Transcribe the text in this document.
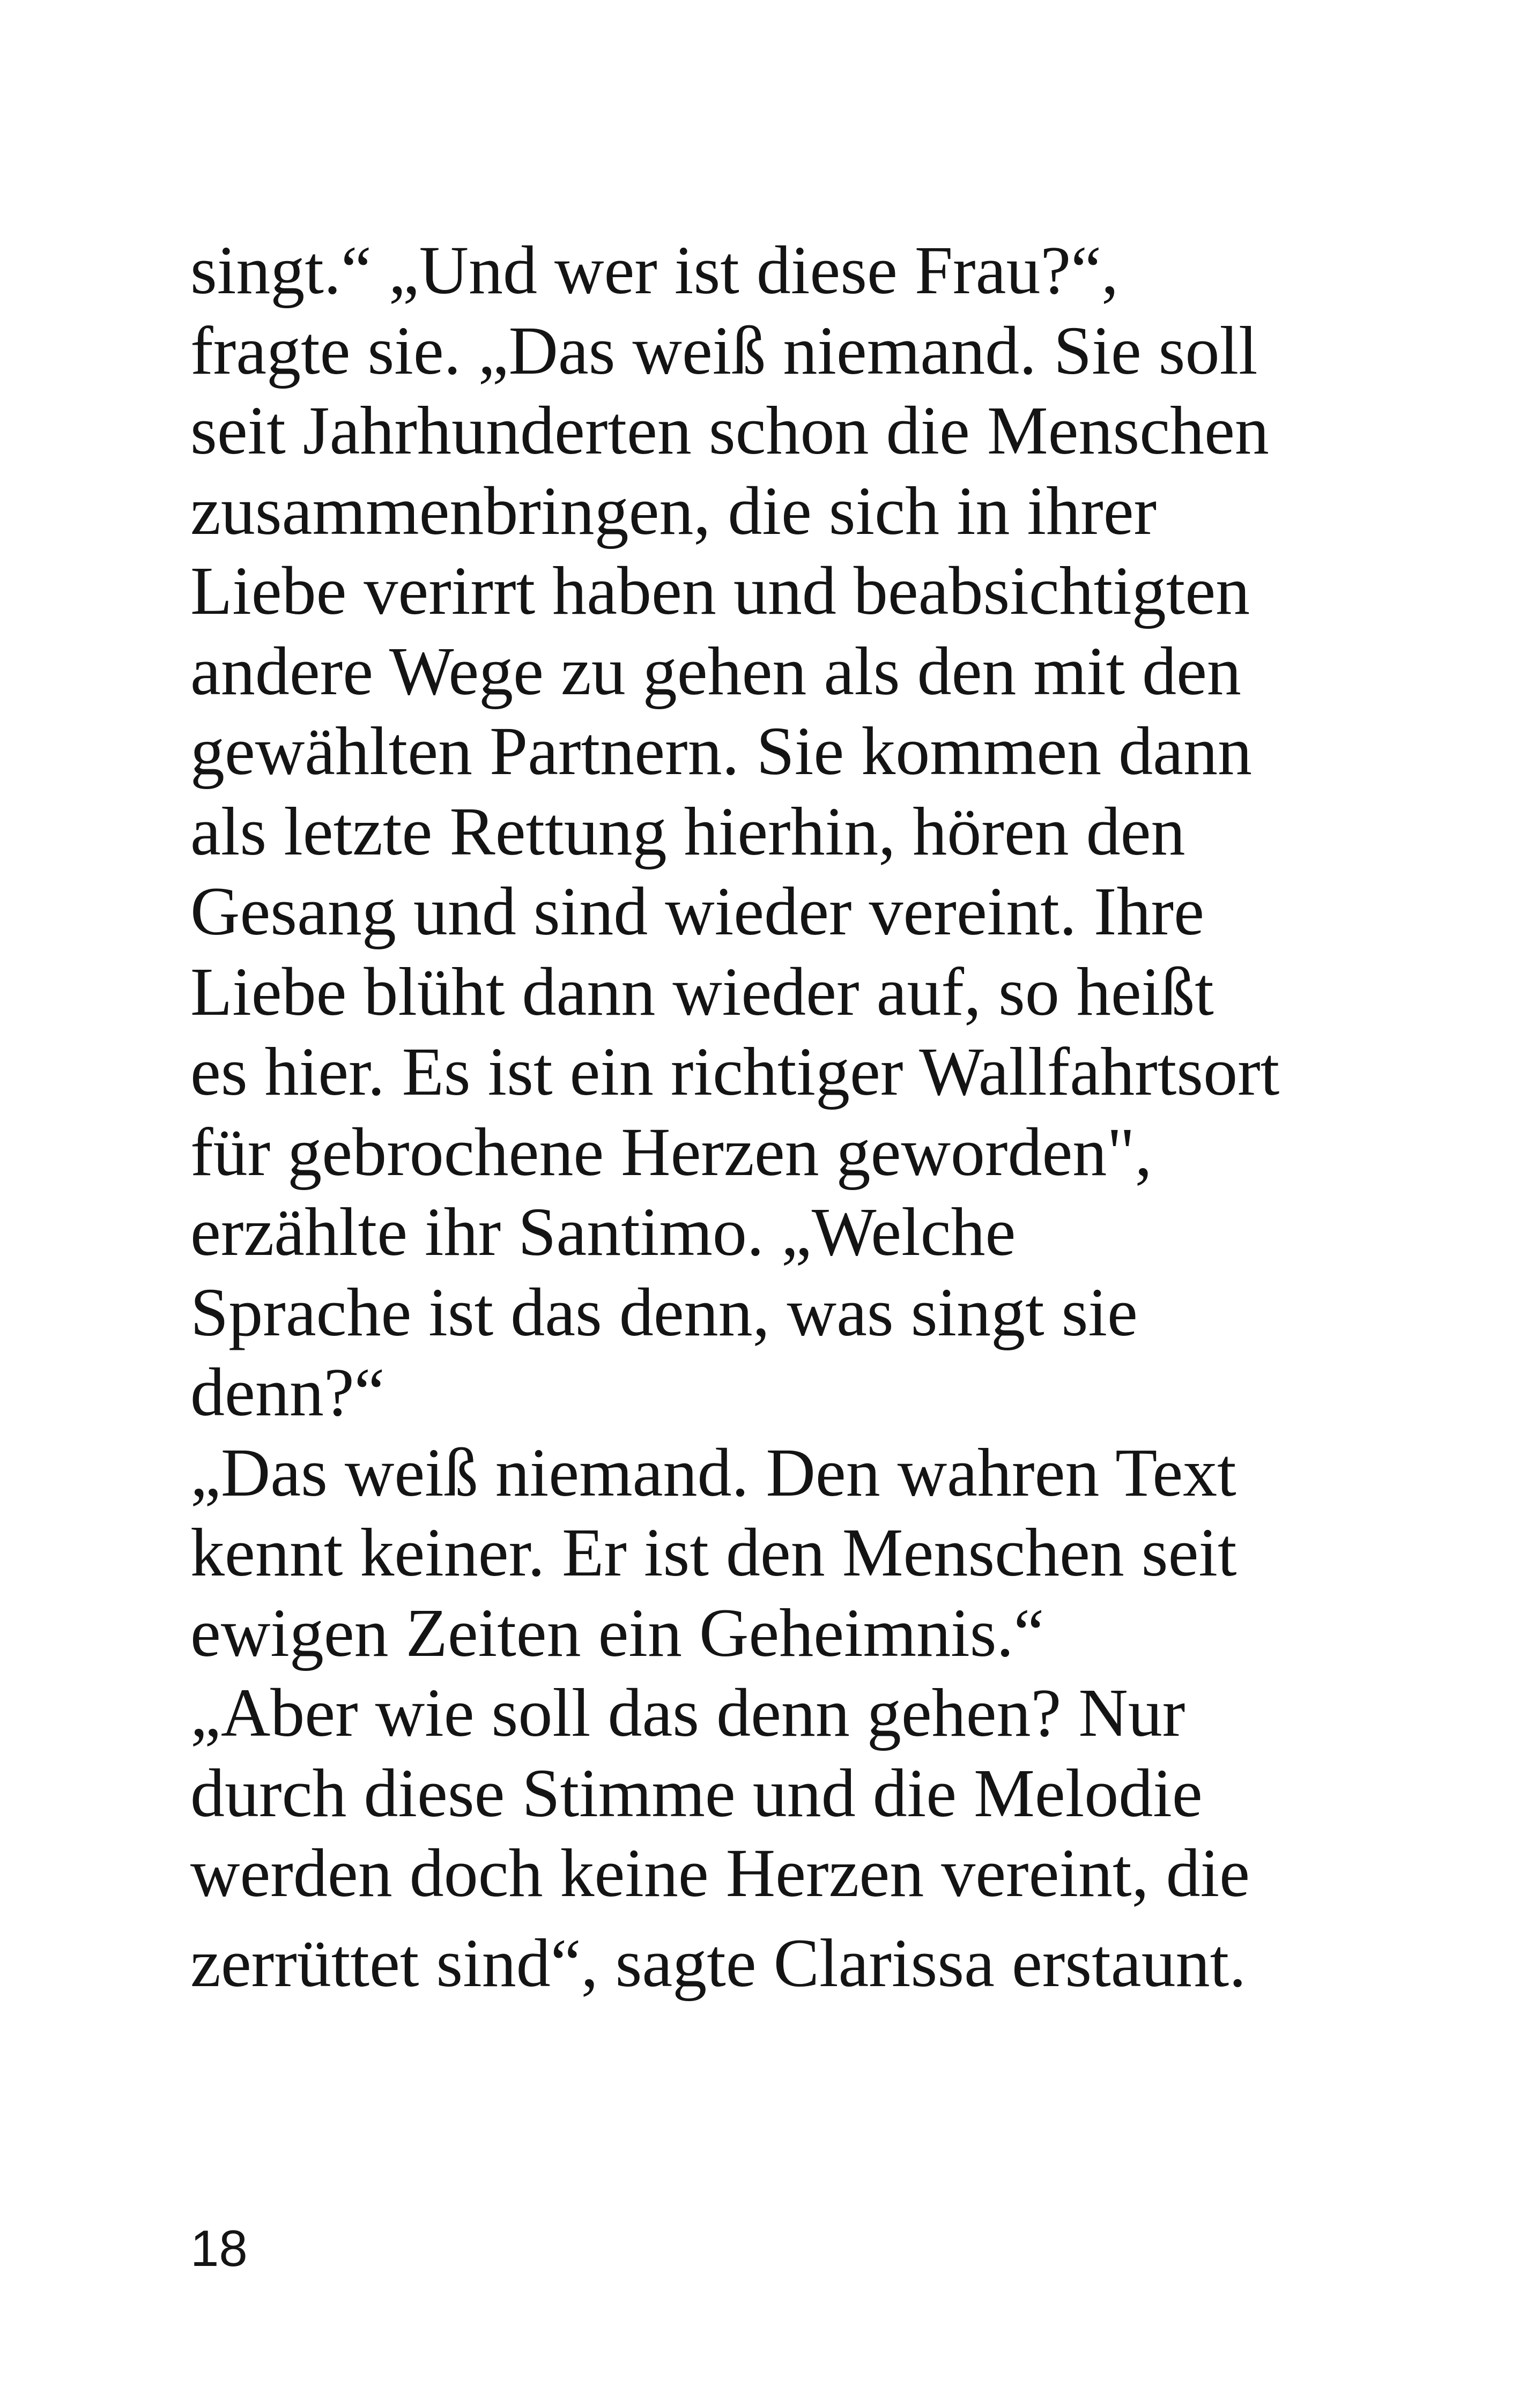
singt.“ „Und wer ist diese Frau?“,
fragte sie. „Das weiß niemand. Sie soll
seit Jahrhunderten schon die Menschen
zusammenbringen, die sich in ihrer
Liebe verirrt haben und beabsichtigten
andere Wege zu gehen als den mit den
gewählten Partnern. Sie kommen dann
als letzte Rettung hierhin, hören den
Gesang und sind wieder vereint. Ihre
Liebe blüht dann wieder auf, so heißt
es hier. Es ist ein richtiger Wallfahrtsort
für gebrochene Herzen geworden",
erzählte ihr Santimo. „Welche
Sprache ist das denn, was singt sie
denn?“
„Das weiß niemand. Den wahren Text
kennt keiner. Er ist den Menschen seit
ewigen Zeiten ein Geheimnis.“
„Aber wie soll das denn gehen? Nur
durch diese Stimme und die Melodie
werden doch keine Herzen vereint, die
zerrüttet sind“, sagte Clarissa erstaunt.
18
